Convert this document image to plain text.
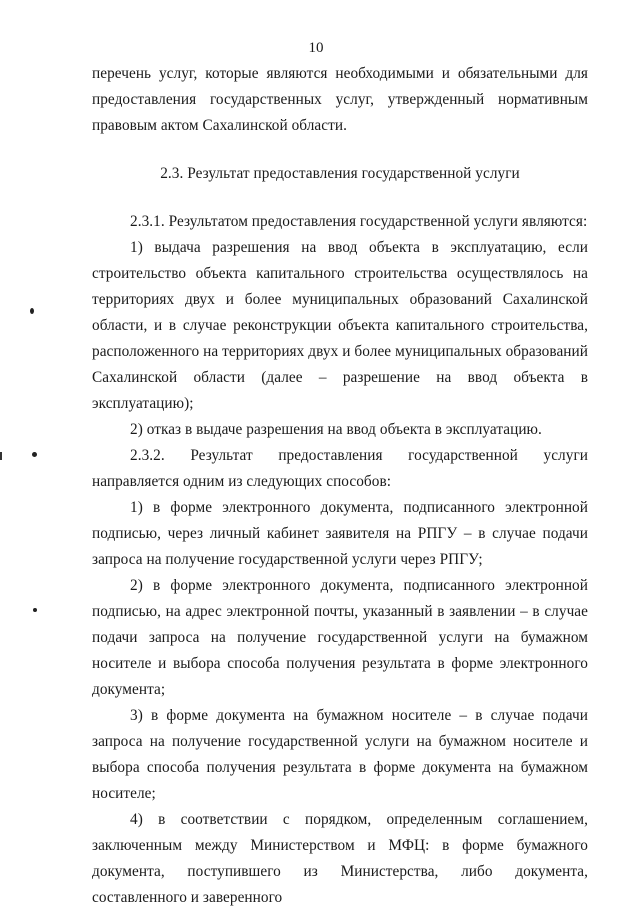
10

перечень услуг, которые являются необходимыми и обязательными для предоставления государственных услуг, утвержденный нормативным правовым актом Сахалинской области.

2.3. Результат предоставления государственной услуги

2.3.1. Результатом предоставления государственной услуги являются:

1) выдача разрешения на ввод объекта в эксплуатацию, если строительство объекта капитального строительства осуществлялось на территориях двух и более муниципальных образований Сахалинской области, и в случае реконструкции объекта капитального строительства, расположенного на территориях двух и более муниципальных образований Сахалинской области (далее – разрешение на ввод объекта в эксплуатацию);

2) отказ в выдаче разрешения на ввод объекта в эксплуатацию.

2.3.2. Результат предоставления государственной услуги направляется одним из следующих способов:

1) в форме электронного документа, подписанного электронной подписью, через личный кабинет заявителя на РПГУ – в случае подачи запроса на получение государственной услуги через РПГУ;

2) в форме электронного документа, подписанного электронной подписью, на адрес электронной почты, указанный в заявлении – в случае подачи запроса на получение государственной услуги на бумажном носителе и выбора способа получения результата в форме электронного документа;

3) в форме документа на бумажном носителе – в случае подачи запроса на получение государственной услуги на бумажном носителе и выбора способа получения результата в форме документа на бумажном носителе;

4) в соответствии с порядком, определенным соглашением, заключенным между Министерством и МФЦ: в форме бумажного документа, поступившего из Министерства, либо документа, составленного и заверенного
